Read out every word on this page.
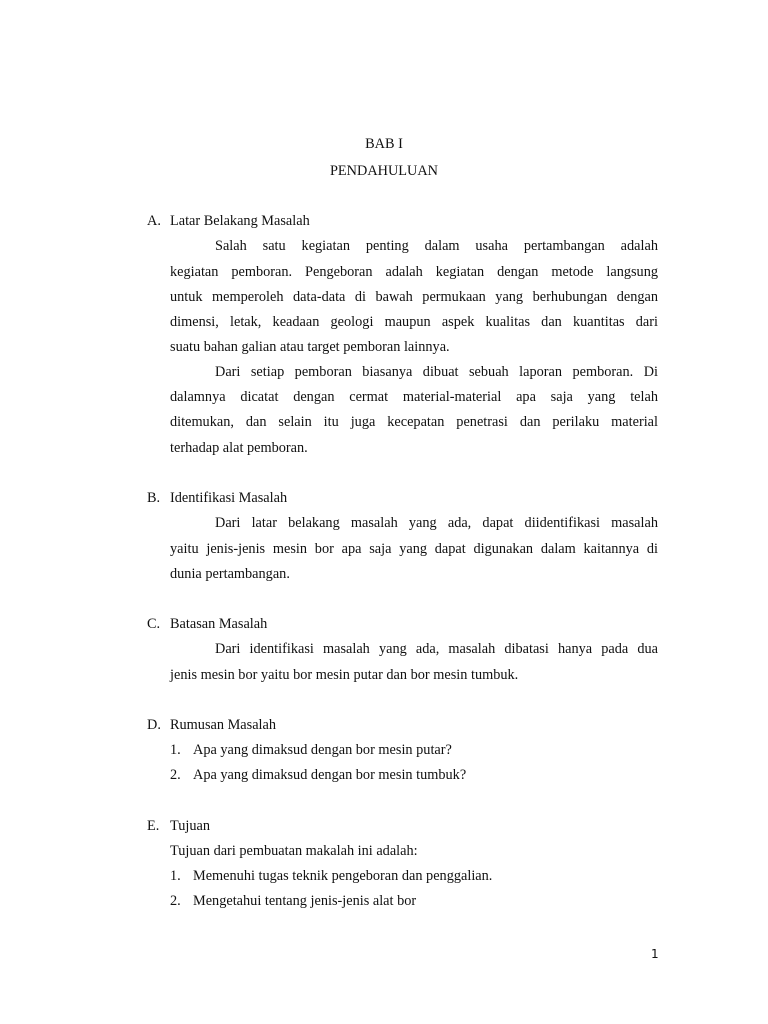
BAB I
PENDAHULUAN
A. Latar Belakang Masalah
Salah satu kegiatan penting dalam usaha pertambangan adalah
kegiatan pemboran. Pengeboran adalah kegiatan dengan metode langsung
untuk memperoleh data-data di bawah permukaan yang berhubungan dengan
dimensi, letak, keadaan geologi maupun aspek kualitas dan kuantitas dari
suatu bahan galian atau target pemboran lainnya.
Dari setiap pemboran biasanya dibuat sebuah laporan pemboran. Di
dalamnya dicatat dengan cermat material-material apa saja yang telah
ditemukan, dan selain itu juga kecepatan penetrasi dan perilaku material
terhadap alat pemboran.
B. Identifikasi Masalah
Dari latar belakang masalah yang ada, dapat diidentifikasi masalah
yaitu jenis-jenis mesin bor apa saja yang dapat digunakan dalam kaitannya di
dunia pertambangan.
C. Batasan Masalah
Dari identifikasi masalah yang ada, masalah dibatasi hanya pada dua
jenis mesin bor yaitu bor mesin putar dan bor mesin tumbuk.
D. Rumusan Masalah
1. Apa yang dimaksud dengan bor mesin putar?
2. Apa yang dimaksud dengan bor mesin tumbuk?
E. Tujuan
Tujuan dari pembuatan makalah ini adalah:
1. Memenuhi tugas teknik pengeboran dan penggalian.
2. Mengetahui tentang jenis-jenis alat bor
1
